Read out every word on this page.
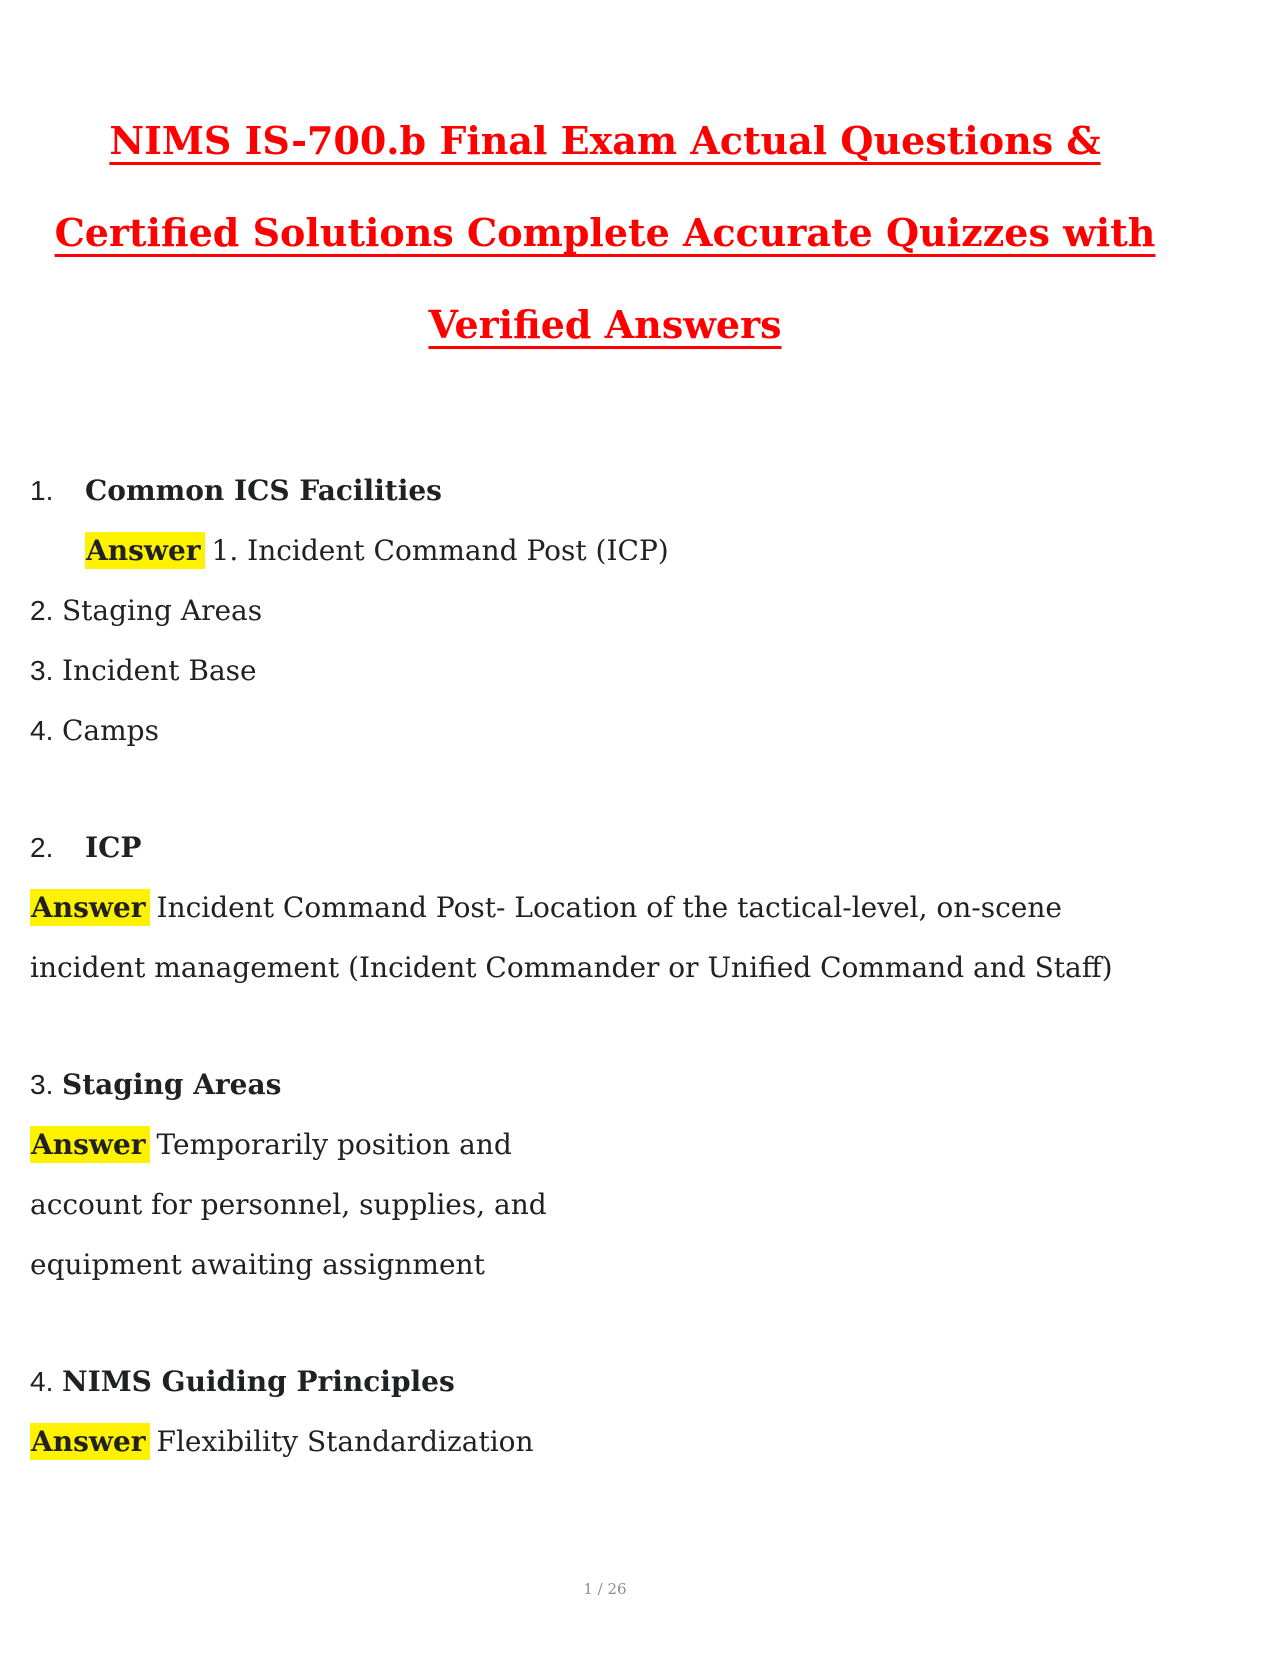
NIMS IS-700.b Final Exam Actual Questions &
Certified Solutions Complete Accurate Quizzes with
Verified Answers
1. Common ICS Facilities
Answer 1. Incident Command Post (ICP)
2. Staging Areas
3. Incident Base
4. Camps
2. ICP
Answer Incident Command Post- Location of the tactical-level, on-scene incident management (Incident Commander or Unified Command and Staff)
3. Staging Areas
Answer Temporarily position and
account for personnel, supplies, and
equipment awaiting assignment
4. NIMS Guiding Principles
Answer Flexibility Standardization
1 / 26
